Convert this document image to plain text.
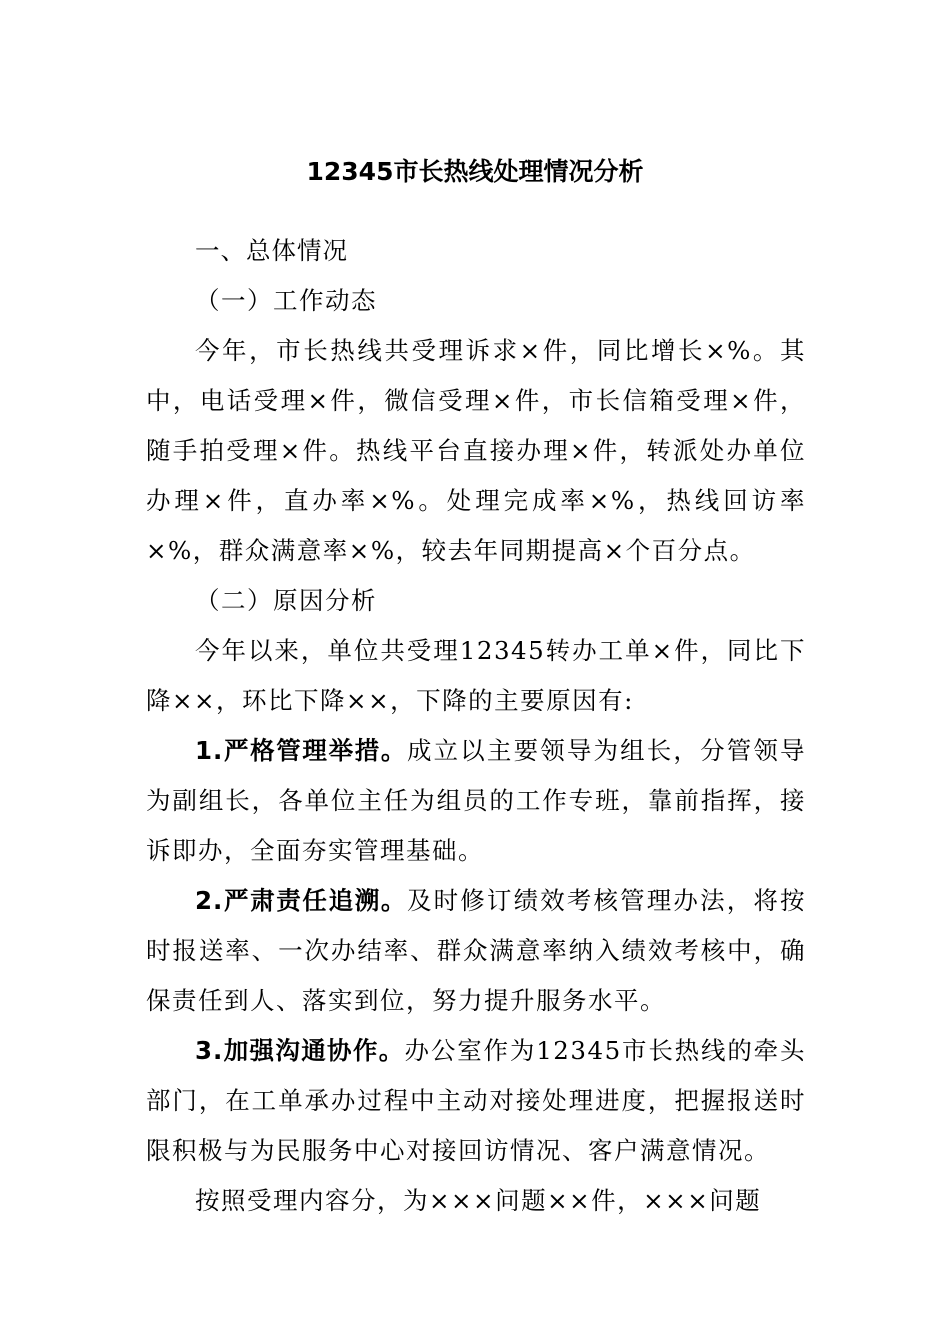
12345市长热线处理情况分析

一、总体情况

（一）工作动态

今年，市长热线共受理诉求×件，同比增长×%。其中，电话受理×件，微信受理×件，市长信箱受理×件，随手拍受理×件。热线平台直接办理×件，转派处办单位办理×件，直办率×%。处理完成率×%，热线回访率×%，群众满意率×%，较去年同期提高×个百分点。

（二）原因分析

今年以来，单位共受理12345转办工单×件，同比下降××，环比下降××，下降的主要原因有:

1.严格管理举措。成立以主要领导为组长，分管领导为副组长，各单位主任为组员的工作专班，靠前指挥，接诉即办，全面夯实管理基础。

2.严肃责任追溯。及时修订绩效考核管理办法，将按时报送率、一次办结率、群众满意率纳入绩效考核中，确保责任到人、落实到位，努力提升服务水平。

3.加强沟通协作。办公室作为12345市长热线的牵头部门，在工单承办过程中主动对接处理进度，把握报送时限积极与为民服务中心对接回访情况、客户满意情况。

按照受理内容分，为×××问题××件，×××问题
